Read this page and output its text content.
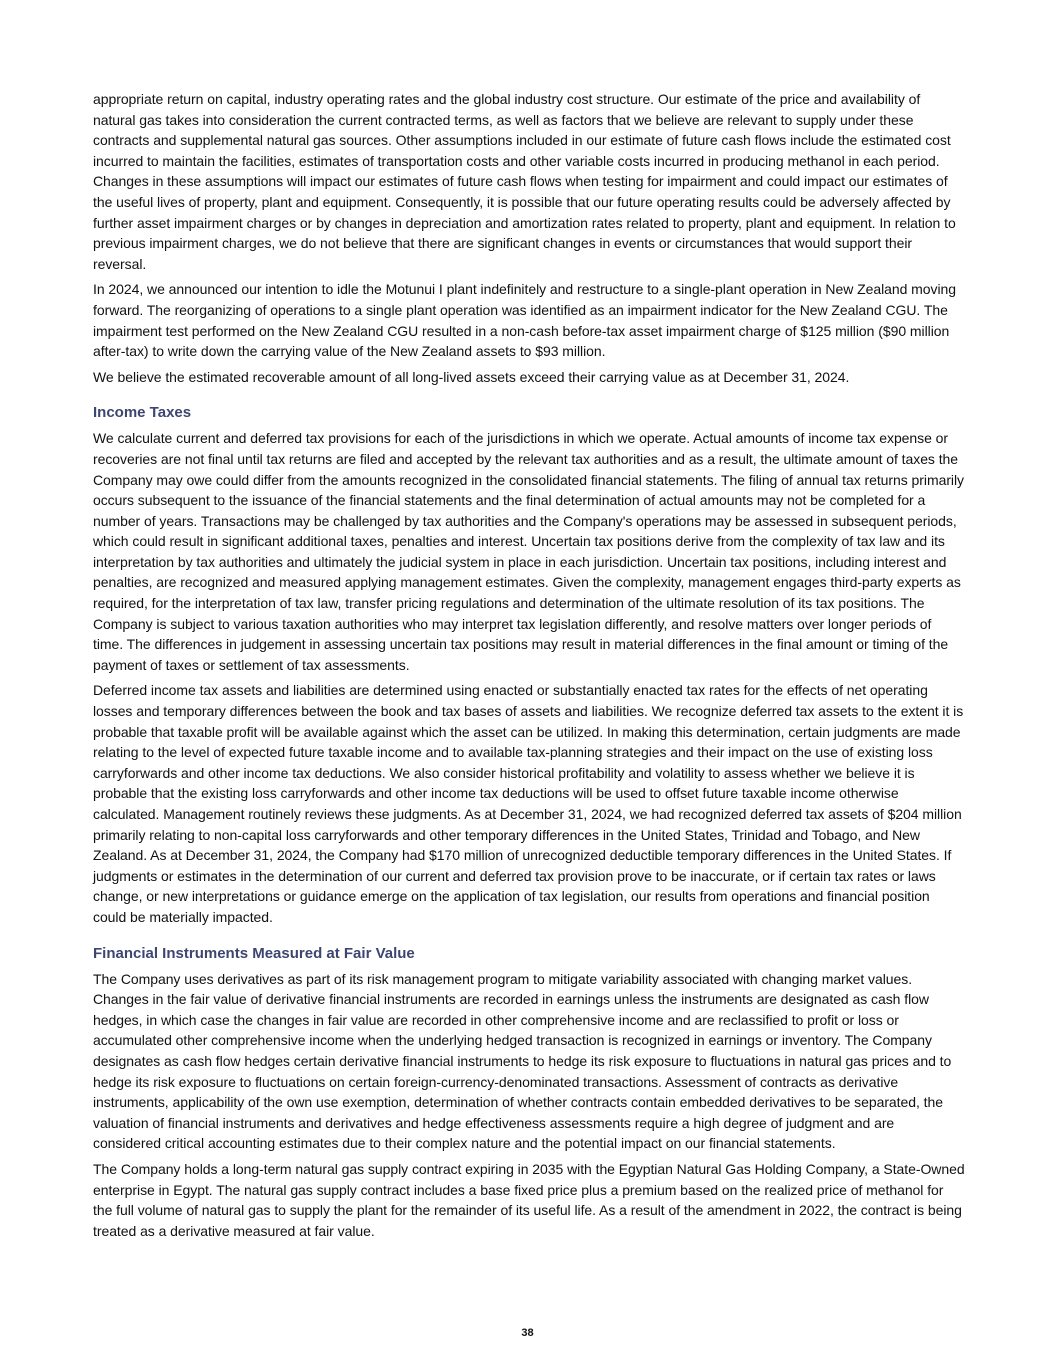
appropriate return on capital, industry operating rates and the global industry cost structure. Our estimate of the price and availability of natural gas takes into consideration the current contracted terms, as well as factors that we believe are relevant to supply under these contracts and supplemental natural gas sources. Other assumptions included in our estimate of future cash flows include the estimated cost incurred to maintain the facilities, estimates of transportation costs and other variable costs incurred in producing methanol in each period. Changes in these assumptions will impact our estimates of future cash flows when testing for impairment and could impact our estimates of the useful lives of property, plant and equipment. Consequently, it is possible that our future operating results could be adversely affected by further asset impairment charges or by changes in depreciation and amortization rates related to property, plant and equipment. In relation to previous impairment charges, we do not believe that there are significant changes in events or circumstances that would support their reversal.

In 2024, we announced our intention to idle the Motunui I plant indefinitely and restructure to a single-plant operation in New Zealand moving forward. The reorganizing of operations to a single plant operation was identified as an impairment indicator for the New Zealand CGU. The impairment test performed on the New Zealand CGU resulted in a non-cash before-tax asset impairment charge of $125 million ($90 million after-tax) to write down the carrying value of the New Zealand assets to $93 million.

We believe the estimated recoverable amount of all long-lived assets exceed their carrying value as at December 31, 2024.

Income Taxes

We calculate current and deferred tax provisions for each of the jurisdictions in which we operate. Actual amounts of income tax expense or recoveries are not final until tax returns are filed and accepted by the relevant tax authorities and as a result, the ultimate amount of taxes the Company may owe could differ from the amounts recognized in the consolidated financial statements. The filing of annual tax returns primarily occurs subsequent to the issuance of the financial statements and the final determination of actual amounts may not be completed for a number of years. Transactions may be challenged by tax authorities and the Company's operations may be assessed in subsequent periods, which could result in significant additional taxes, penalties and interest. Uncertain tax positions derive from the complexity of tax law and its interpretation by tax authorities and ultimately the judicial system in place in each jurisdiction. Uncertain tax positions, including interest and penalties, are recognized and measured applying management estimates. Given the complexity, management engages third-party experts as required, for the interpretation of tax law, transfer pricing regulations and determination of the ultimate resolution of its tax positions. The Company is subject to various taxation authorities who may interpret tax legislation differently, and resolve matters over longer periods of time. The differences in judgement in assessing uncertain tax positions may result in material differences in the final amount or timing of the payment of taxes or settlement of tax assessments.

Deferred income tax assets and liabilities are determined using enacted or substantially enacted tax rates for the effects of net operating losses and temporary differences between the book and tax bases of assets and liabilities. We recognize deferred tax assets to the extent it is probable that taxable profit will be available against which the asset can be utilized. In making this determination, certain judgments are made relating to the level of expected future taxable income and to available tax-planning strategies and their impact on the use of existing loss carryforwards and other income tax deductions. We also consider historical profitability and volatility to assess whether we believe it is probable that the existing loss carryforwards and other income tax deductions will be used to offset future taxable income otherwise calculated. Management routinely reviews these judgments. As at December 31, 2024, we had recognized deferred tax assets of $204 million primarily relating to non-capital loss carryforwards and other temporary differences in the United States, Trinidad and Tobago, and New Zealand. As at December 31, 2024, the Company had $170 million of unrecognized deductible temporary differences in the United States. If judgments or estimates in the determination of our current and deferred tax provision prove to be inaccurate, or if certain tax rates or laws change, or new interpretations or guidance emerge on the application of tax legislation, our results from operations and financial position could be materially impacted.

Financial Instruments Measured at Fair Value

The Company uses derivatives as part of its risk management program to mitigate variability associated with changing market values. Changes in the fair value of derivative financial instruments are recorded in earnings unless the instruments are designated as cash flow hedges, in which case the changes in fair value are recorded in other comprehensive income and are reclassified to profit or loss or accumulated other comprehensive income when the underlying hedged transaction is recognized in earnings or inventory. The Company designates as cash flow hedges certain derivative financial instruments to hedge its risk exposure to fluctuations in natural gas prices and to hedge its risk exposure to fluctuations on certain foreign-currency-denominated transactions. Assessment of contracts as derivative instruments, applicability of the own use exemption, determination of whether contracts contain embedded derivatives to be separated, the valuation of financial instruments and derivatives and hedge effectiveness assessments require a high degree of judgment and are considered critical accounting estimates due to their complex nature and the potential impact on our financial statements.

The Company holds a long-term natural gas supply contract expiring in 2035 with the Egyptian Natural Gas Holding Company, a State-Owned enterprise in Egypt. The natural gas supply contract includes a base fixed price plus a premium based on the realized price of methanol for the full volume of natural gas to supply the plant for the remainder of its useful life. As a result of the amendment in 2022, the contract is being treated as a derivative measured at fair value.

38
